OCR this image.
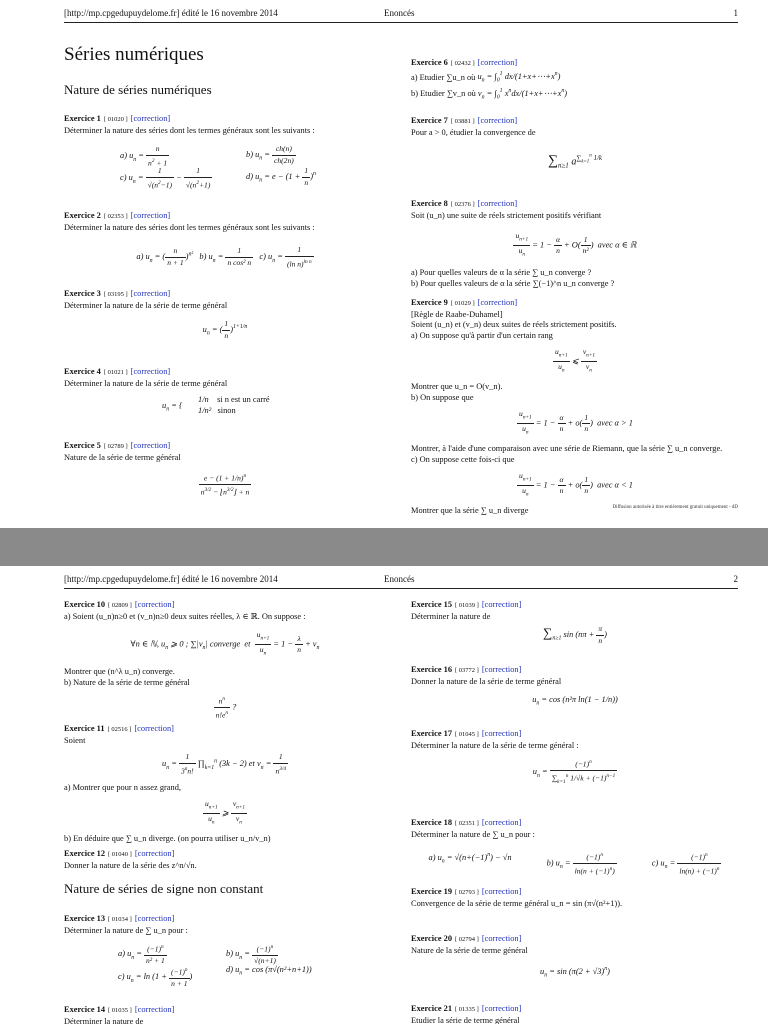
[http://mp.cpgedupuydelome.fr] édité le 16 novembre 2014	Enoncés	1
Séries numériques
Nature de séries numériques
Exercice 1 [ 01020 ] [correction]
Déterminer la nature des séries dont les termes généraux sont les suivants :
a) $u_n = \frac{n}{n^2 + 1}$	b) $u_n = \frac{ch(n)}{ch(2n)}$
c) $u_n = \frac{1}{√(n^2-1)} - \frac{1}{√(n^2+1)}$	d) $u_n = e - (1 + \frac{1}{n} )^n$
Exercice 2 [ 02353 ] [correction]
Déterminer la nature des séries dont les termes généraux sont les suivants :
a) $u_n$ = ( $\frac{n}{n + 1} )^{n^2}$   b) $u_n = \frac{1}{\text{n cos² n}} c$) $u_n = \frac{1}{(\ln n)^{ln n}}$
Exercice 3 [ 03195 ] [correction]
Déterminer la nature de la série de terme général
$u_n$ = ( $\frac{1}{n} )^{1+1/n}$
Exercice 4 [ 01021 ] [correction]
Déterminer la nature de la série de terme général
$u_n$ = {
1/n si n est un carré
1/n² sinon
Exercice 5 [ 02789 ] [correction]
Nature de la série de terme général
$\frac{e - (1 + 1/n)^n}{n^{3/2} - ⌊n^{3/2}⌋ + n}$
Exercice 6 [ 02432 ] [correction]
a) Etudier ∑u_n où $u_n = \int_0^1$ $dx/(1+x+\cdots+x^n)$
b) Etudier ∑v_n où $v_n = \int_0^1$ $x^ndx/(1+x+\cdots+x^n)$
Exercice 7 [ 03881 ] [correction]
Pour a > 0, étudier la convergence de
$\sum_{n\ge 1}$ $a^{\sum_{k=1}^n 1/k}$
Exercice 8 [ 02376 ] [correction]
Soit (u_n) une suite de réels strictement positifs vérifiant
$\frac{u_{n+1}}{u_n} = 1 - \frac{\alpha}{n} + O( \frac{1}{\text{n²}}$ )  avec α ∈ ℝ
a) Pour quelles valeurs de α la série ∑ u_n converge ?
b) Pour quelles valeurs de α la série ∑(−1)^n u_n converge ?
Exercice 9 [ 01029 ] [correction]
[Règle de Raabe-Duhamel]
Soient (u_n) et (v_n) deux suites de réels strictement positifs.
a) On suppose qu'à partir d'un certain rang
$\frac{u_{n+1}}{u_n}$ ⩽ $\frac{v_{n+1}}{v_n}$
Montrer que u_n = O(v_n).
b) On suppose que
$\frac{u_{n+1}}{u_n} = 1 - \frac{\alpha}{n} + o( \frac{1}{n}$ )  avec α > 1
Montrer, à l'aide d'une comparaison avec une série de Riemann, que la série ∑ u_n converge.
c) On suppose cette fois-ci que
$\frac{u_{n+1}}{u_n} = 1 - \frac{\alpha}{n} + o( \frac{1}{n}$ )  avec α < 1
Montrer que la série ∑ u_n diverge	Diffusion autorisée à titre entièrement gratuit uniquement - dD
[http://mp.cpgedupuydelome.fr] édité le 16 novembre 2014	Enoncés	2
Exercice 10 [ 02809 ] [correction]
a) Soient (u_n)n≥0 et (v_n)n≥0 deux suites réelles, λ ∈ ℝ. On suppose :
∀n ∈ ℕ, $u_n$ ⩾ 0 ; $\sum|v_n|$ converge  et $\frac{u_{n+1}}{u_n} = 1 - \frac{\lambda}{n} + v_n$
Montrer que (n^λ u_n) converge.
b) Nature de la série de terme général
$\frac{n^n}{n!e^n}$ ?
Exercice 11 [ 02516 ] [correction]
Soient
$u_n = \frac{1}{3^nn!}$ $\prod_{k=1}^n$ (3k − 2) et $v_n = \frac{1}{n^{3/4}}$
a) Montrer que pour n assez grand,
$\frac{u_{n+1}}{u_n}$ ⩾ $\frac{v_{n+1}}{v_n}$
b) En déduire que ∑ u_n diverge. (on pourra utiliser u_n/v_n)
Exercice 12 [ 01040 ] [correction]
Donner la nature de la série des z^n/√n.
Nature de séries de signe non constant
Exercice 13 [ 01034 ] [correction]
Déterminer la nature de ∑ u_n pour :
a) $u_n = \frac{(-1)^n}{\text{n² + 1}}$	b) $u_n = \frac{(-1)^n}{√(n+1)}$
c) $u_n = \ln (1 + \frac{(-1)^n}{n + 1}$ )
d) $u_n = \cos (\pi√(n^2+n+1))$
Exercice 14 [ 01035 ] [correction]
Déterminer la nature de
Exercice 15 [ 01039 ] [correction]
Déterminer la nature de
$\sum_{n\ge 1}$ $\sin (n\pi + \frac{\pi}{n}$ )
Exercice 16 [ 03772 ] [correction]
Donner la nature de la série de terme général
$u_n = \cos (n^2\pi$ ln(1 − 1/n))
Exercice 17 [ 01045 ] [correction]
Déterminer la nature de la série de terme général :
$u_n = \frac{(-1)^n}{\sum_{k=1}^n 1/√k + (-1)^{n-1}}$
Exercice 18 [ 02351 ] [correction]
Déterminer la nature de ∑ u_n pour :
a) $u_n = √(n+(-1)^n) - √n$
b) $u_n = \frac{(-1)^n}{\ln(n + (-1)^n)}$	c) $u_n = \frac{(-1)^n}{\ln(n) + (-1)^n}$
Exercice 19 [ 02793 ] [correction]
Convergence de la série de terme général u_n = sin (π√(n²+1)).
Exercice 20 [ 02794 ] [correction]
Nature de la série de terme général
$u_n = \sin (\pi(2 + √3)^n)$
Exercice 21 [ 01335 ] [correction]
Etudier la série de terme général
